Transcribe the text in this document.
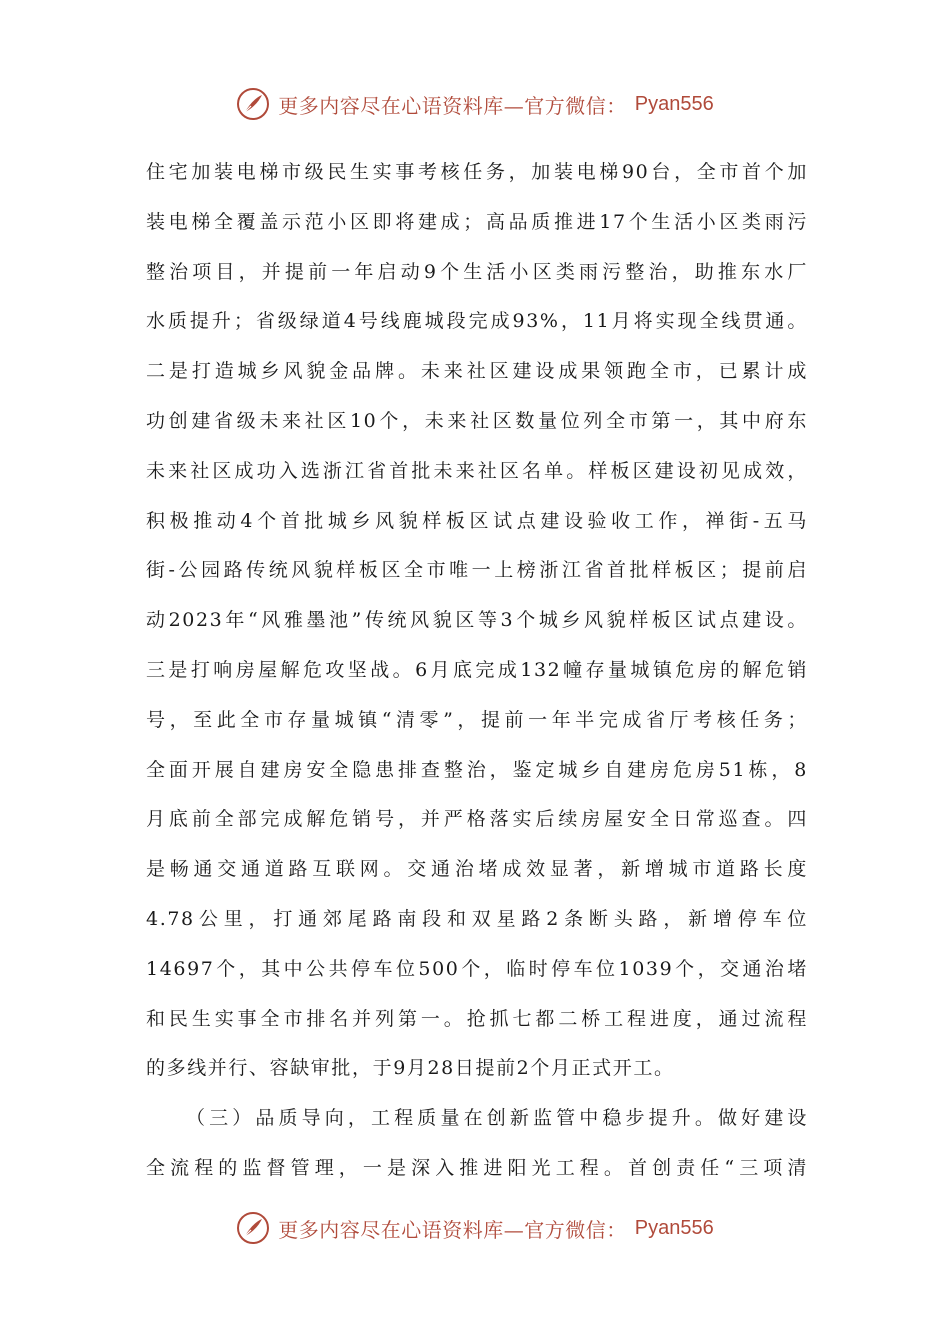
更多内容尽在心语资料库—官方微信： Pyan556
住宅加装电梯市级民生实事考核任务，加装电梯90台，全市首个加
装电梯全覆盖示范小区即将建成；高品质推进17个生活小区类雨污
整治项目，并提前一年启动9个生活小区类雨污整治，助推东水厂
水质提升；省级绿道4号线鹿城段完成93%，11月将实现全线贯通。
二是打造城乡风貌金品牌。未来社区建设成果领跑全市，已累计成
功创建省级未来社区10个，未来社区数量位列全市第一，其中府东
未来社区成功入选浙江省首批未来社区名单。样板区建设初见成效，
积极推动4个首批城乡风貌样板区试点建设验收工作，禅街-五马
街-公园路传统风貌样板区全市唯一上榜浙江省首批样板区；提前启
动2023年“风雅墨池”传统风貌区等3个城乡风貌样板区试点建设。
三是打响房屋解危攻坚战。6月底完成132幢存量城镇危房的解危销
号，至此全市存量城镇“清零”，提前一年半完成省厅考核任务；
全面开展自建房安全隐患排查整治，鉴定城乡自建房危房51栋，8
月底前全部完成解危销号，并严格落实后续房屋安全日常巡查。四
是畅通交通道路互联网。交通治堵成效显著，新增城市道路长度
4.78公里，打通郊尾路南段和双星路2条断头路，新增停车位
14697个，其中公共停车位500个，临时停车位1039个，交通治堵
和民生实事全市排名并列第一。抢抓七都二桥工程进度，通过流程
的多线并行、容缺审批，于9月28日提前2个月正式开工。
（三）品质导向，工程质量在创新监管中稳步提升。做好建设
全流程的监督管理，一是深入推进阳光工程。首创责任“三项清
更多内容尽在心语资料库—官方微信： Pyan556
